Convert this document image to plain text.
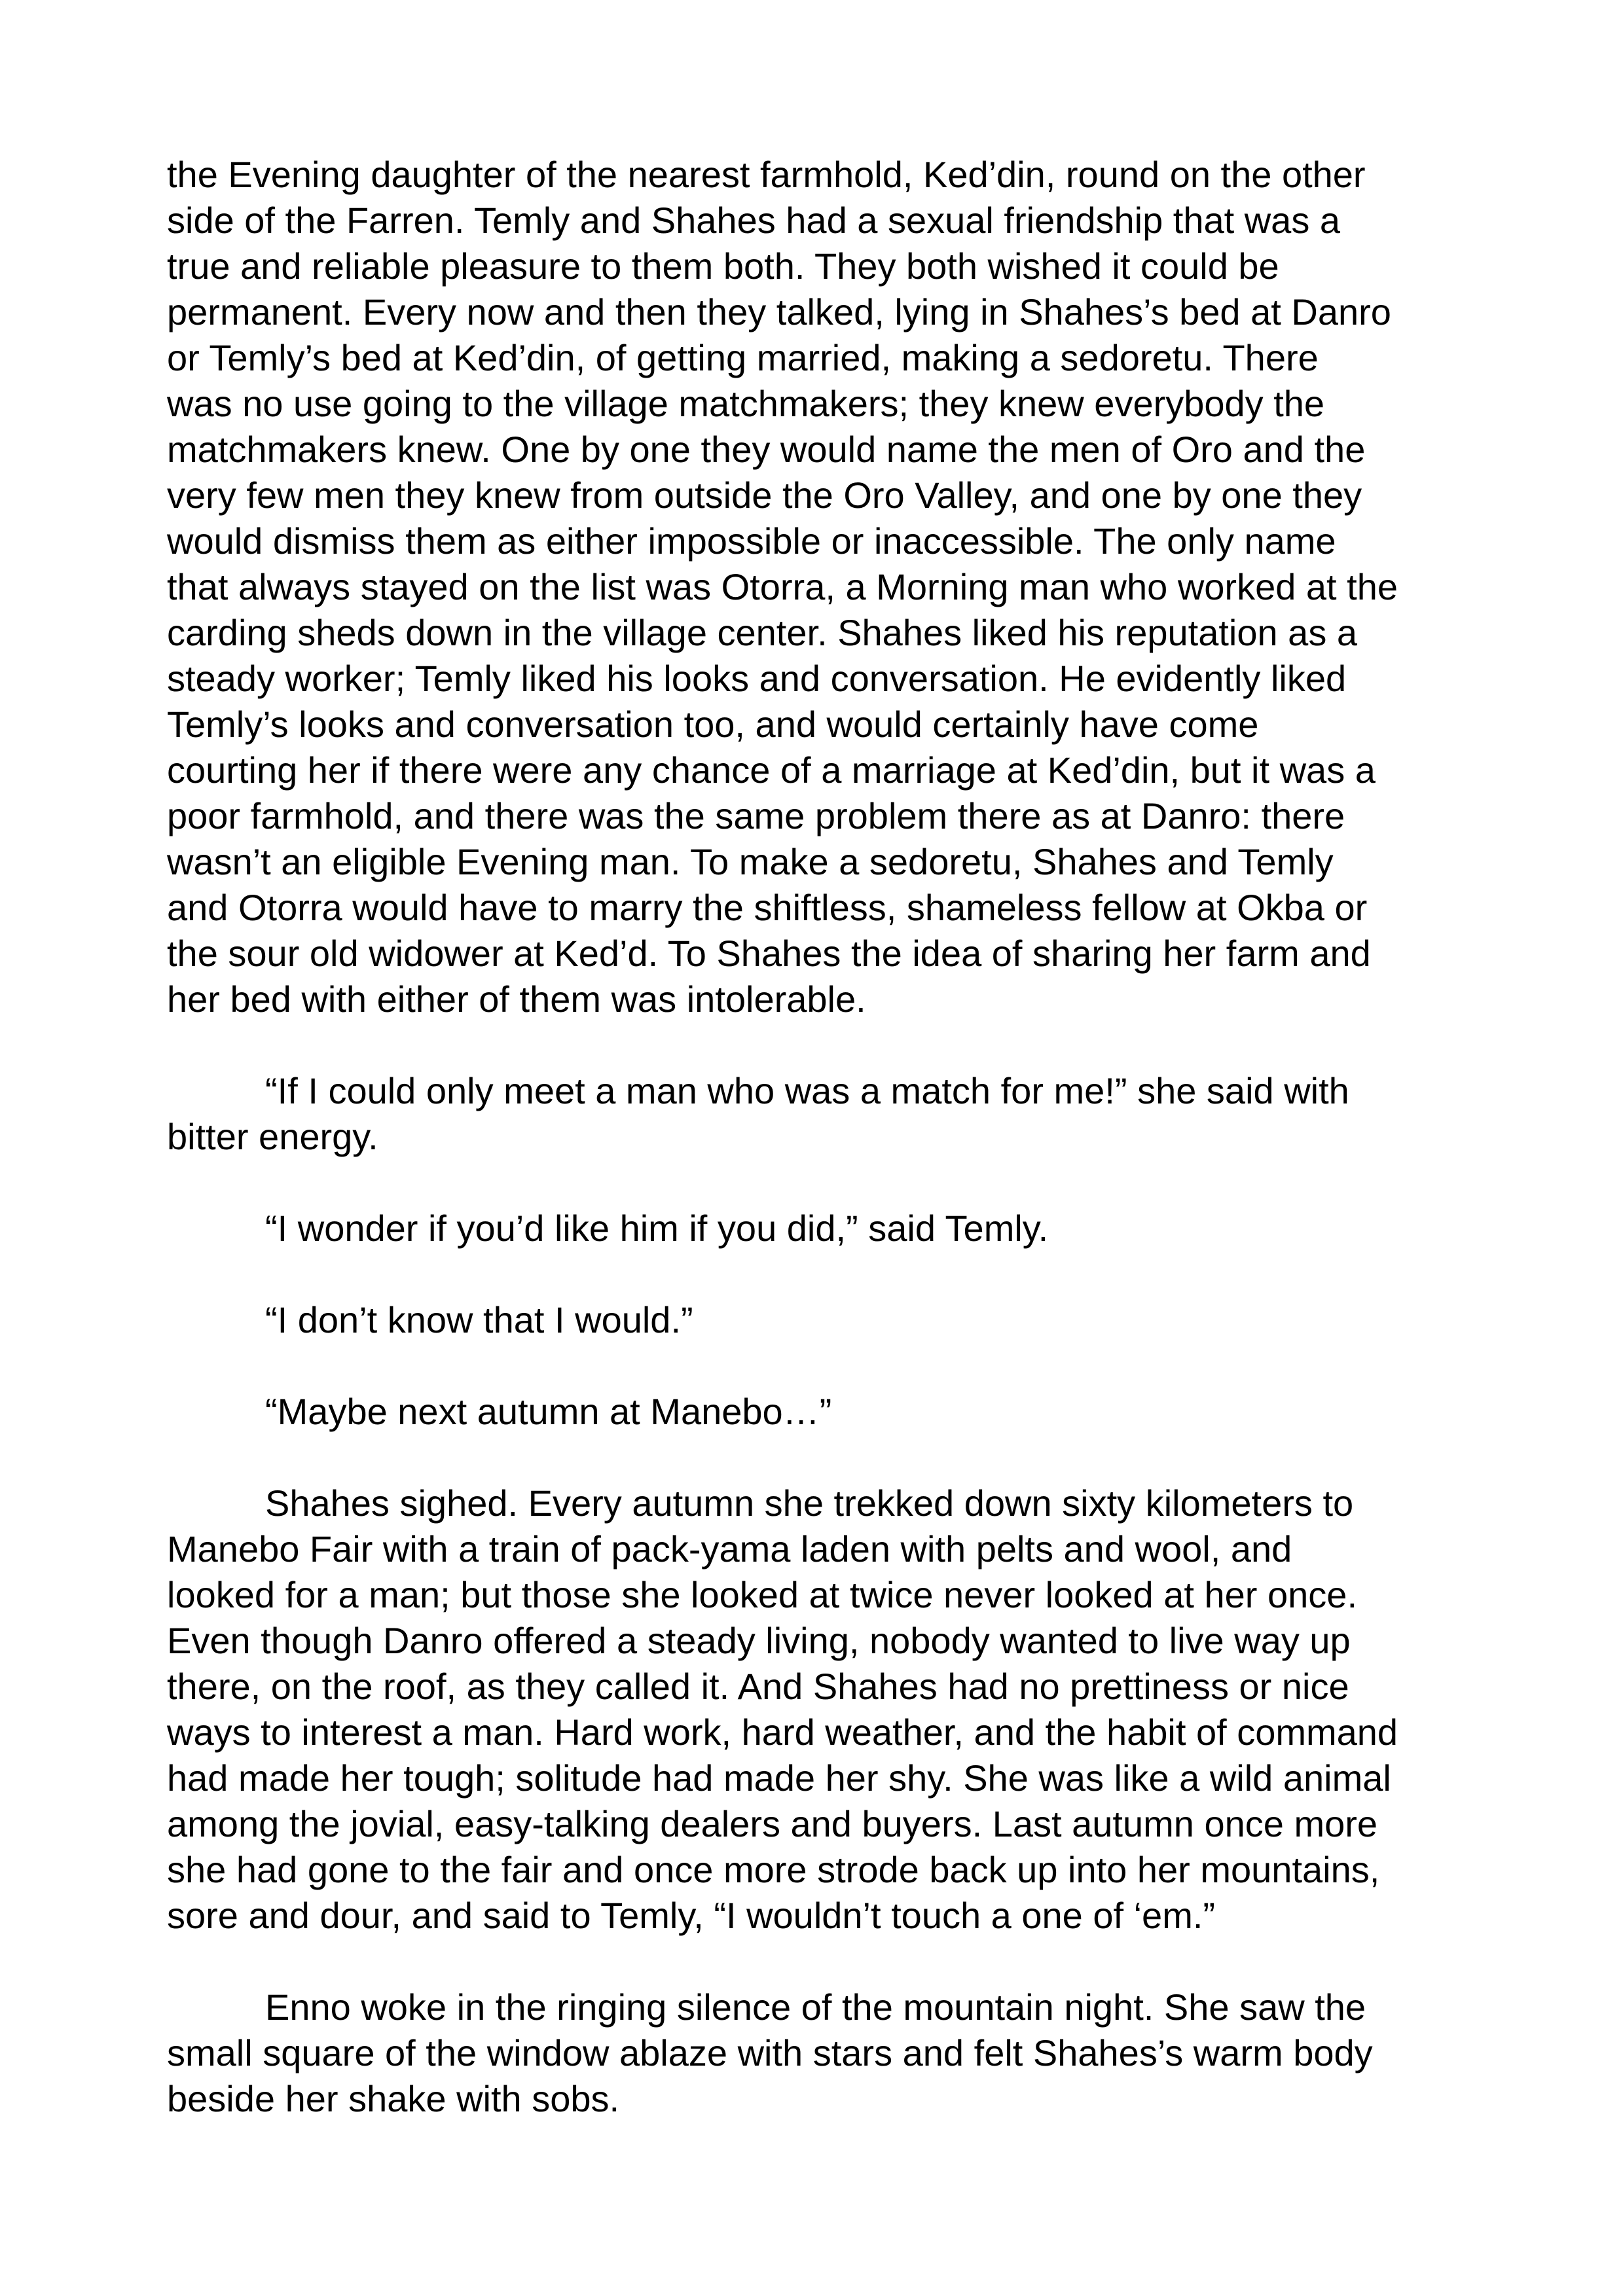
the Evening daughter of the nearest farmhold, Ked’din, round on the other
side of the Farren. Temly and Shahes had a sexual friendship that was a
true and reliable pleasure to them both. They both wished it could be
permanent. Every now and then they talked, lying in Shahes’s bed at Danro
or Temly’s bed at Ked’din, of getting married, making a sedoretu. There
was no use going to the village matchmakers; they knew everybody the
matchmakers knew. One by one they would name the men of Oro and the
very few men they knew from outside the Oro Valley, and one by one they
would dismiss them as either impossible or inaccessible. The only name
that always stayed on the list was Otorra, a Morning man who worked at the
carding sheds down in the village center. Shahes liked his reputation as a
steady worker; Temly liked his looks and conversation. He evidently liked
Temly’s looks and conversation too, and would certainly have come
courting her if there were any chance of a marriage at Ked’din, but it was a
poor farmhold, and there was the same problem there as at Danro: there
wasn’t an eligible Evening man. To make a sedoretu, Shahes and Temly
and Otorra would have to marry the shiftless, shameless fellow at Okba or
the sour old widower at Ked’d. To Shahes the idea of sharing her farm and
her bed with either of them was intolerable.

“If I could only meet a man who was a match for me!” she said with
bitter energy.

“I wonder if you’d like him if you did,” said Temly.

“I don’t know that I would.”

“Maybe next autumn at Manebo…”

Shahes sighed. Every autumn she trekked down sixty kilometers to
Manebo Fair with a train of pack-yama laden with pelts and wool, and
looked for a man; but those she looked at twice never looked at her once.
Even though Danro offered a steady living, nobody wanted to live way up
there, on the roof, as they called it. And Shahes had no prettiness or nice
ways to interest a man. Hard work, hard weather, and the habit of command
had made her tough; solitude had made her shy. She was like a wild animal
among the jovial, easy-talking dealers and buyers. Last autumn once more
she had gone to the fair and once more strode back up into her mountains,
sore and dour, and said to Temly, “I wouldn’t touch a one of ‘em.”

Enno woke in the ringing silence of the mountain night. She saw the
small square of the window ablaze with stars and felt Shahes’s warm body
beside her shake with sobs.
